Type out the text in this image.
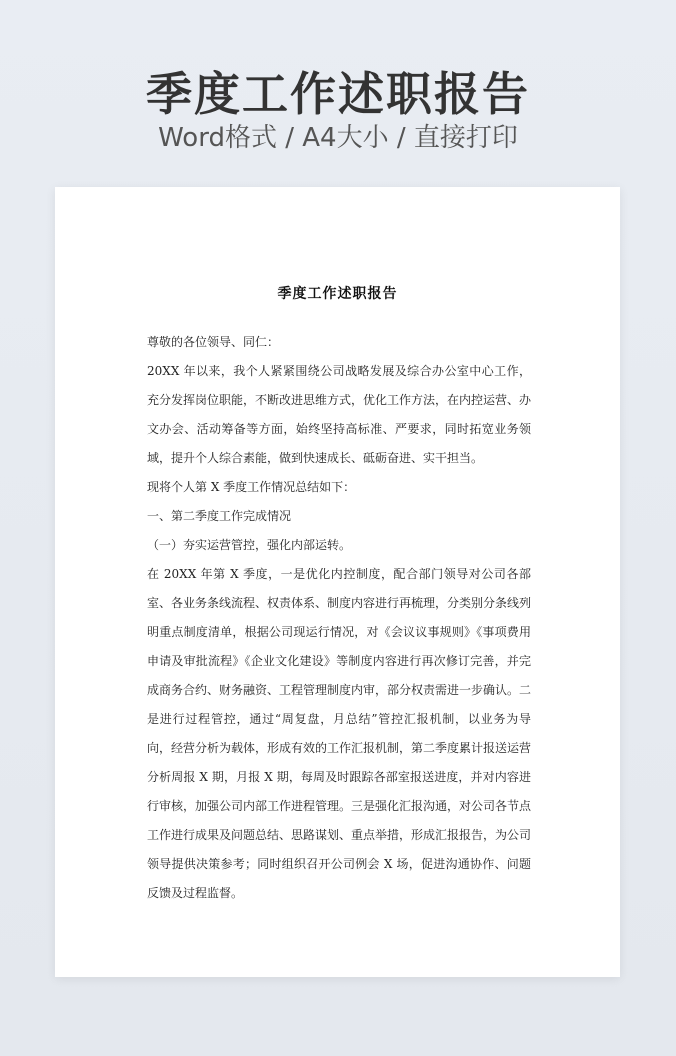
季度工作述职报告
Word格式 / A4大小 / 直接打印
季度工作述职报告

尊敬的各位领导、同仁：

20XX 年以来，我个人紧紧围绕公司战略发展及综合办公室中心工作，充分发挥岗位职能，不断改进思维方式，优化工作方法，在内控运营、办文办会、活动筹备等方面，始终坚持高标准、严要求，同时拓宽业务领域，提升个人综合素能，做到快速成长、砥砺奋进、实干担当。

现将个人第 X 季度工作情况总结如下：

一、第二季度工作完成情况

（一）夯实运营管控，强化内部运转。

在 20XX 年第 X 季度，一是优化内控制度，配合部门领导对公司各部室、各业务条线流程、权责体系、制度内容进行再梳理，分类别分条线列明重点制度清单，根据公司现运行情况，对《会议议事规则》《事项费用申请及审批流程》《企业文化建设》等制度内容进行再次修订完善，并完成商务合约、财务融资、工程管理制度内审，部分权责需进一步确认。二是进行过程管控，通过“周复盘，月总结”管控汇报机制，以业务为导向，经营分析为载体，形成有效的工作汇报机制，第二季度累计报送运营分析周报 X 期，月报 X 期，每周及时跟踪各部室报送进度，并对内容进行审核，加强公司内部工作进程管理。三是强化汇报沟通，对公司各节点工作进行成果及问题总结、思路谋划、重点举措，形成汇报报告，为公司领导提供决策参考；同时组织召开公司例会 X 场，促进沟通协作、问题反馈及过程监督。
